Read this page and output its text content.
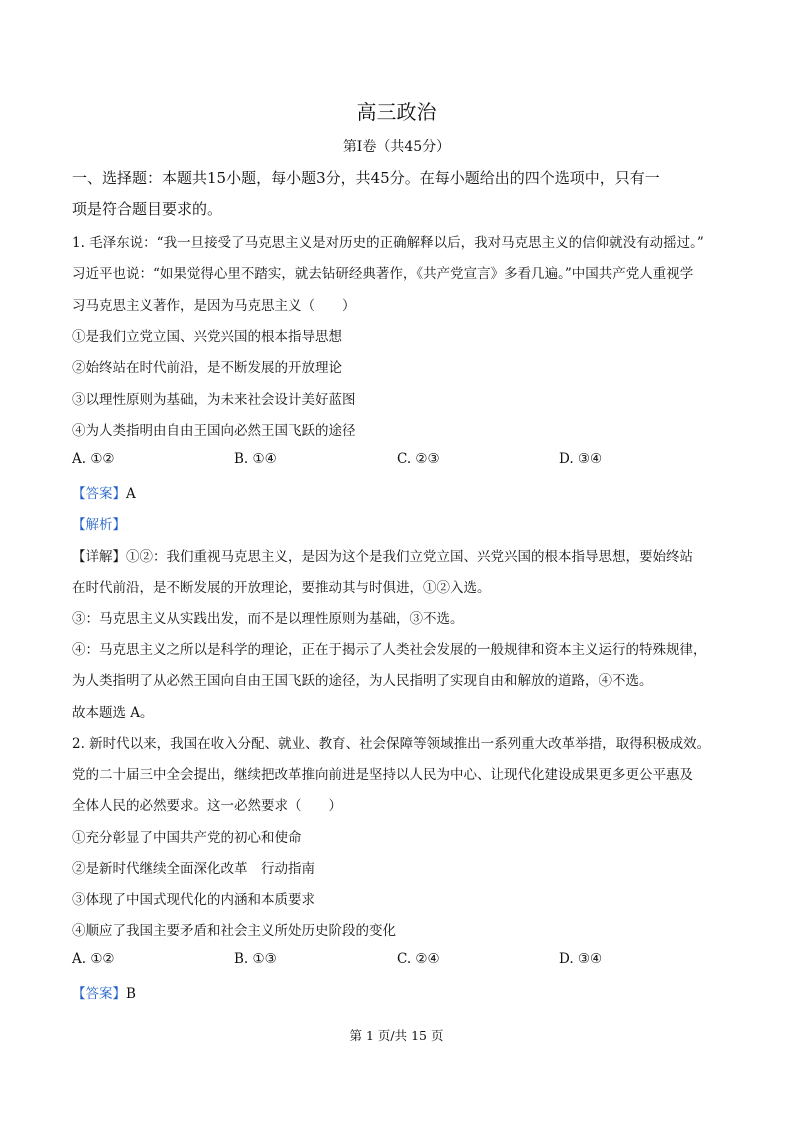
高三政治
第Ⅰ卷（共45分）
一、选择题：本题共15小题，每小题3分，共45分。在每小题给出的四个选项中，只有一
项是符合题目要求的。
1. 毛泽东说：“我一旦接受了马克思主义是对历史的正确解释以后，我对马克思主义的信仰就没有动摇过。”
习近平也说：“如果觉得心里不踏实，就去钻研经典著作，《共产党宣言》多看几遍。”中国共产党人重视学
习马克思主义著作，是因为马克思主义（　　）
①是我们立党立国、兴党兴国的根本指导思想
②始终站在时代前沿，是不断发展的开放理论
③以理性原则为基础，为未来社会设计美好蓝图
④为人类指明由自由王国向必然王国飞跃的途径
A. ①②	B. ①④	C. ②③	D. ③④
【答案】A
【解析】
【详解】①②：我们重视马克思主义，是因为这个是我们立党立国、兴党兴国的根本指导思想，要始终站
在时代前沿，是不断发展的开放理论，要推动其与时俱进，①②入选。
③：马克思主义从实践出发，而不是以理性原则为基础，③不选。
④：马克思主义之所以是科学的理论，正在于揭示了人类社会发展的一般规律和资本主义运行的特殊规律，
为人类指明了从必然王国向自由王国飞跃的途径，为人民指明了实现自由和解放的道路，④不选。
故本题选 A。
2. 新时代以来，我国在收入分配、就业、教育、社会保障等领域推出一系列重大改革举措，取得积极成效。
党的二十届三中全会提出，继续把改革推向前进是坚持以人民为中心、让现代化建设成果更多更公平惠及
全体人民的必然要求。这一必然要求（　　）
①充分彰显了中国共产党的初心和使命
②是新时代继续全面深化改革　行动指南
③体现了中国式现代化的内涵和本质要求
④顺应了我国主要矛盾和社会主义所处历史阶段的变化
A. ①②	B. ①③	C. ②④	D. ③④
【答案】B
第 1 页/共 15 页
